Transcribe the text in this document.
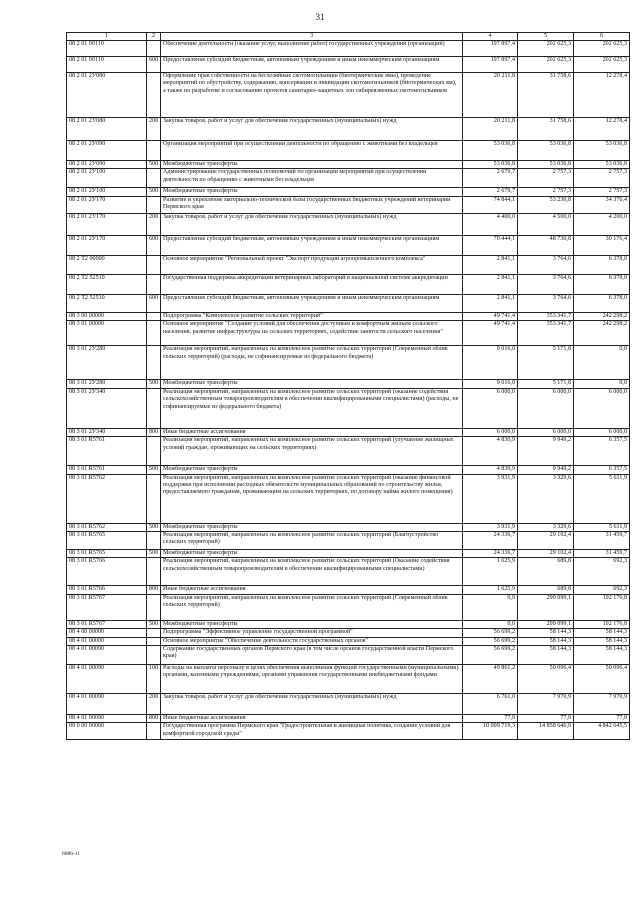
31
1	2	3	4	5	6
08 2 01 00110		Обеспечение деятельности (оказание услуг, выполнение работ) государственных учреждений (организаций)	197 897,4	202 625,3	202 625,3
08 2 01 00110	600	Предоставление субсидий бюджетным, автономным учреждениям и иным некоммерческим организациям	197 897,4	202 625,3	202 625,3
08 2 01 2У080		Оформление прав собственности на бесхозяйные скотомогильники (биотермические ямы), проведение мероприятий по обустройству, содержанию, консервации и ликвидации скотомогильников (биотермических ям), а также по разработке и согласованию проектов санитарно-защитных зон сибиреязвенных скотомогильников	20 211,8	31 758,6	12 278,4
08 2 01 2У080	200	Закупка товаров, работ и услуг для обеспечения государственных (муниципальных) нужд	20 211,8	31 758,6	12 278,4
08 2 01 2У090		Организация мероприятий при осуществлении деятельности по обращению с животными без владельцев	53 036,8	53 036,8	53 036,8
08 2 01 2У090	500	Межбюджетные трансферты	53 036,8	53 036,8	53 036,8
08 2 01 2У100		Администрирование государственных полномочий по организации мероприятий при осуществлении деятельности по обращению с животными без владельцев	2 679,7	2 757,3	2 757,3
08 2 01 2У100	500	Межбюджетные трансферты	2 679,7	2 757,3	2 757,3
08 2 01 2У170		Развитие и укрепление материально-технической базы государственных бюджетных учреждений ветеринарии Пермского края	74 844,1	53 230,8	34 376,4
08 2 01 2У170	200	Закупка товаров, работ и услуг для обеспечения государственных (муниципальных) нужд	4 400,0	4 500,0	4 200,0
08 2 01 2У170	600	Предоставление субсидий бюджетным, автономным учреждениям и иным некоммерческим организациям	70 444,1	48 730,8	30 176,4
08 2 Т2 00000		Основное мероприятие "Региональный проект "Экспорт продукции агропромышленного комплекса"	2 841,1	3 764,6	6 378,0
08 2 Т2 52510		Государственная поддержка аккредитации ветеринарных лабораторий в национальной системе аккредитации	2 841,1	3 764,6	6 378,0
08 2 Т2 52510	600	Предоставление субсидий бюджетным, автономным учреждениям и иным некоммерческим организациям	2 841,1	3 764,6	6 378,0
08 3 00 00000		Подпрограмма "Комплексное развитие сельских территорий"	49 741,4	353 341,7	242 298,2
08 3 01 00000		Основное мероприятие "Создание условий для обеспечения доступным и комфортным жильем сельского населения, развитие инфраструктуры на сельских территориях, содействие занятости сельского населения"	49 741,4	353 341,7	242 298,2
08 3 01 2У280		Реализация мероприятий, направленных на комплексное развитие сельских территорий (Современный облик сельских территорий) (расходы, не софинансируемые из федерального бюджета)	9 016,0	5 171,8	0,0
08 3 01 2У280	500	Межбюджетные трансферты	9 016,0	5 171,8	0,0
08 3 01 2У340		Реализация мероприятий, направленных на комплексное развитие сельских территорий (оказание содействия сельскохозяйственным товаропроизводителям в обеспечении квалифицированными специалистами) (расходы, не софинансируемые из федерального бюджета)	6 000,0	6 000,0	6 000,0
08 3 01 2У340	800	Иные бюджетные ассигнования	6 000,0	6 000,0	6 000,0
08 3 01 R5761		Реализация мероприятий, направленных на комплексное развитие сельских территорий (улучшение жилищных условий граждан, проживающих на сельских территориях)	4 830,9	9 949,2	6 357,5
08 3 01 R5761	500	Межбюджетные трансферты	4 830,9	9 949,2	6 357,5
08 3 01 R5762		Реализация мероприятий, направленных на комплексное развитие сельских территорий (оказание финансовой поддержки при исполнении расходных обязательств муниципальных образований по строительству жилья, предоставляемого гражданам, проживающим на сельских территориях, по договору найма жилого помещения)	3 931,9	3 329,6	5 611,9
08 3 01 R5762	500	Межбюджетные трансферты	3 931,9	3 329,6	5 611,9
08 3 01 R5765		Реализация мероприятий, направленных на комплексное развитие сельских территорий (Благоустройство сельских территорий)	24 336,7	29 102,4	31 459,7
08 3 01 R5765	500	Межбюджетные трансферты	24 336,7	29 102,4	31 459,7
08 3 01 R5766		Реализация мероприятий, направленных на комплексное развитие сельских территорий (Оказание содействия сельскохозяйственным товаропроизводителям в обеспечении квалифицированными специалистами)	1 625,9	689,8	692,3
08 3 01 R5766	800	Иные бюджетные ассигнования	1 625,9	689,8	692,3
08 3 01 R5767		Реализация мероприятий, направленных на комплексное развитие сельских территорий (Современный облик сельских территорий)	0,0	299 099,1	192 176,8
08 3 01 R5767	500	Межбюджетные трансферты	0,0	299 099,1	192 176,8
08 4 00 00000		Подпрограмма "Эффективное управление государственной программой"	56 699,2	58 144,3	58 144,3
08 4 01 00000		Основное мероприятие "Обеспечение деятельности государственных органов"	56 699,2	58 144,3	58 144,3
08 4 01 00090		Содержание государственных органов Пермского края (в том числе органов государственной власти Пермского края)	56 699,2	58 144,3	58 144,3
08 4 01 00090	100	Расходы на выплаты персоналу в целях обеспечения выполнения функций государственными (муниципальными) органами, казенными учреждениями, органами управления государственными внебюджетными фондами	49 861,2	50 096,4	50 096,4
08 4 01 00090	200	Закупка товаров, работ и услуг для обеспечения государственных (муниципальных) нужд	6 761,0	7 970,9	7 970,9
08 4 01 00090	800	Иные бюджетные ассигнования	77,0	77,0	77,0
09 0 00 00000		Государственная программа Пермского края "Градостроительная и жилищная политика, создание условий для комфортной городской среды"	10 099 719,3	14 858 646,0	4 842 645,5
6086-11
